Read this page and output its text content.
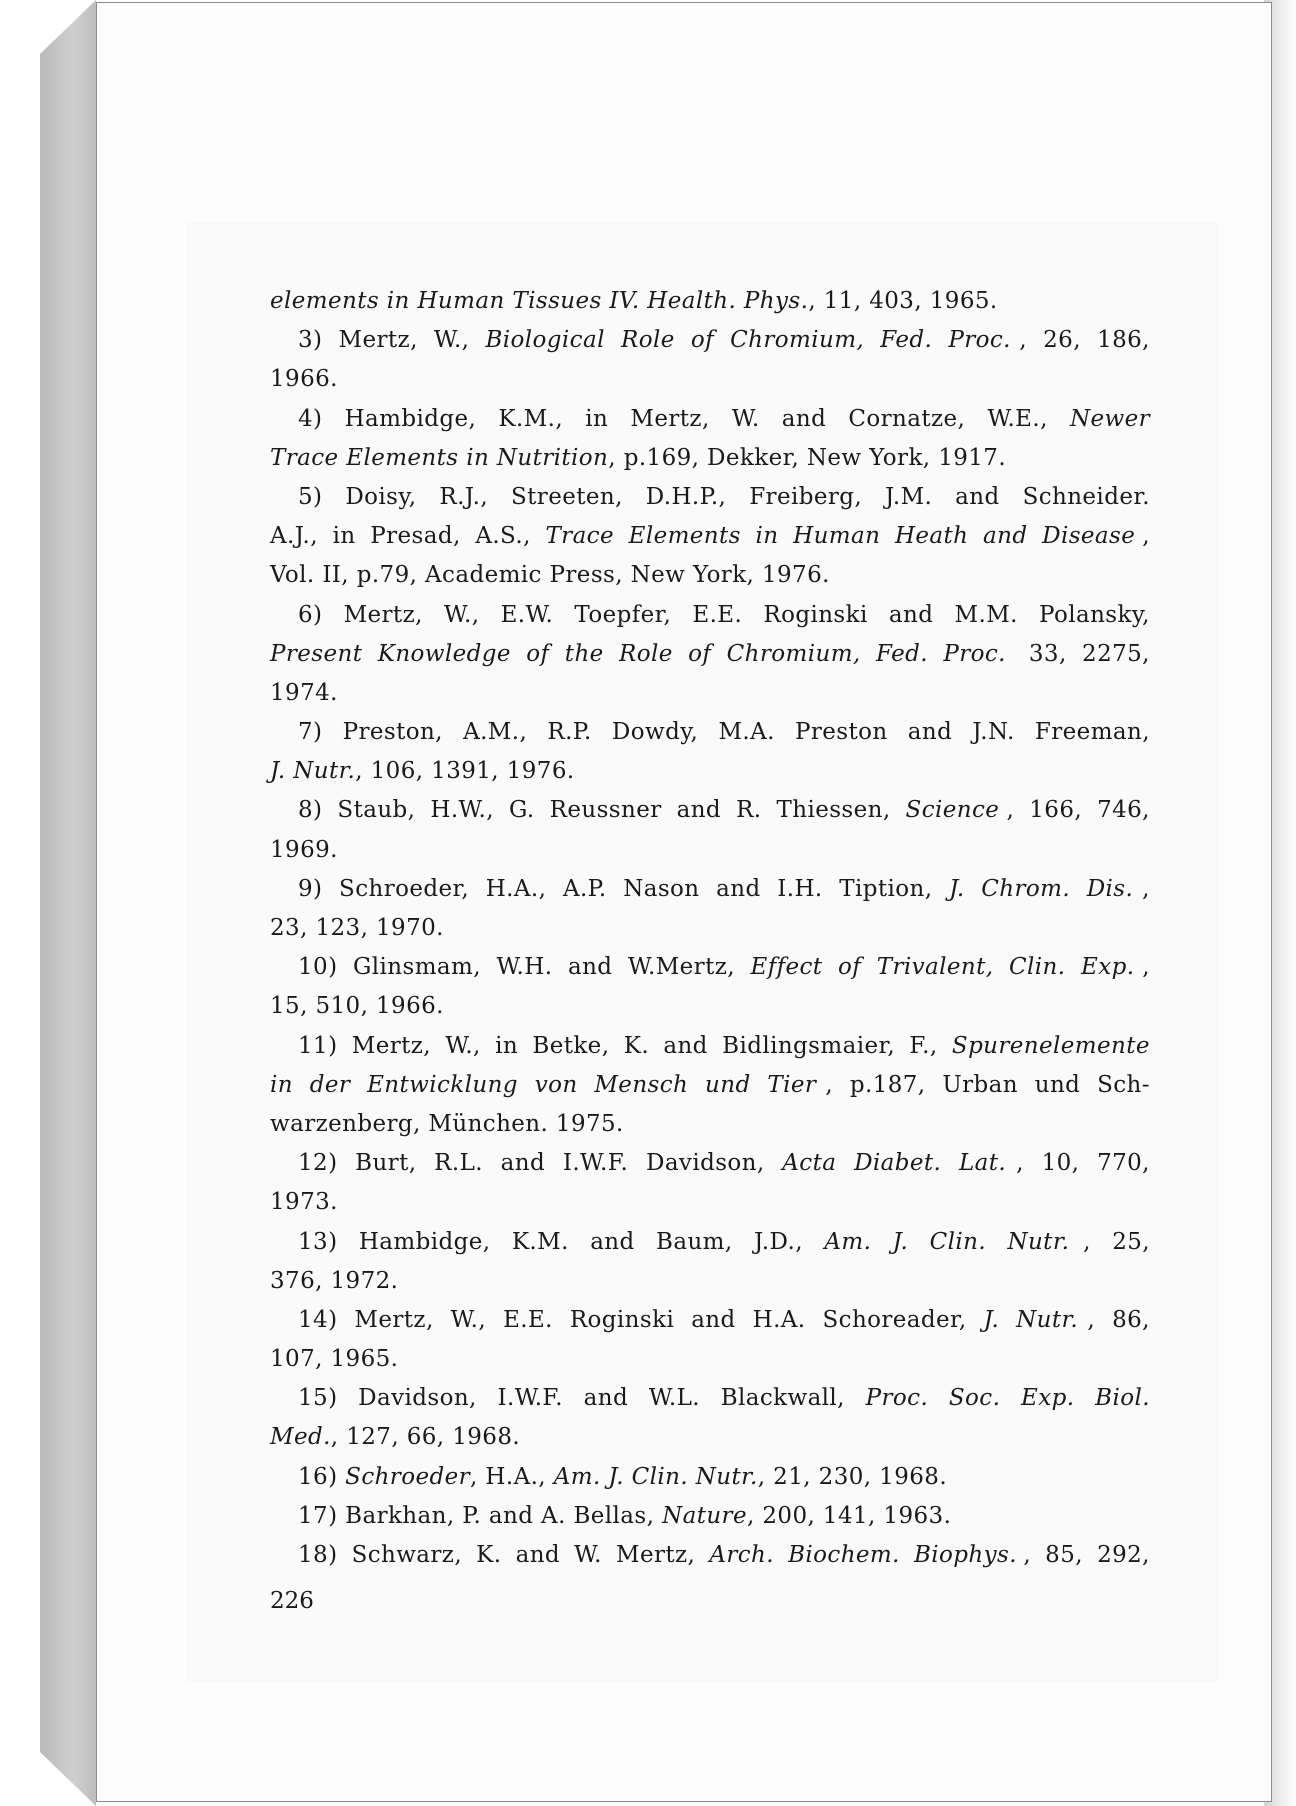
elements in Human Tissues IV. Health. Phys. , 11, 403, 1965.
3) Mertz, W., Biological Role of Chromium, Fed. Proc. , 26, 186,
1966.
4) Hambidge, K.M., in Mertz, W. and Cornatze, W.E., Newer
Trace Elements in Nutrition , p.169, Dekker, New York, 1917.
5) Doisy, R.J., Streeten, D.H.P., Freiberg, J.M. and Schneider.
A.J., in Presad, A.S., Trace Elements in Human Heath and Disease ,
Vol. II, p.79, Academic Press, New York, 1976.
6) Mertz, W., E.W. Toepfer, E.E. Roginski and M.M. Polansky,
Present Knowledge of the Role of Chromium, Fed. Proc.
33, 2275,
1974.
7) Preston, A.M., R.P. Dowdy, M.A. Preston and J.N. Freeman,
J. Nutr. , 106, 1391, 1976.
8) Staub, H.W., G. Reussner and R. Thiessen, Science , 166, 746,
1969.
9) Schroeder, H.A., A.P. Nason and I.H. Tiption, J. Chrom. Dis. ,
23, 123, 1970.
10) Glinsmam, W.H. and W.Mertz, Effect of Trivalent, Clin. Exp. ,
15, 510, 1966.
11) Mertz, W., in Betke, K. and Bidlingsmaier, F., Spurenelemente
in der Entwicklung von Mensch und Tier , p.187, Urban und Sch-
warzenberg, München. 1975.
12) Burt, R.L. and I.W.F. Davidson, Acta Diabet. Lat. , 10, 770,
1973.
13) Hambidge, K.M. and Baum, J.D., Am. J. Clin. Nutr. , 25,
376, 1972.
14) Mertz, W., E.E. Roginski and H.A. Schoreader, J. Nutr. , 86,
107, 1965.
15) Davidson, I.W.F. and W.L. Blackwall, Proc. Soc. Exp. Biol.
Med. , 127, 66, 1968.
16) Schroeder , H.A., Am. J. Clin. Nutr. , 21, 230, 1968.
17) Barkhan, P. and A. Bellas, Nature , 200, 141, 1963.
18) Schwarz, K. and W. Mertz, Arch. Biochem. Biophys. , 85, 292,
226
